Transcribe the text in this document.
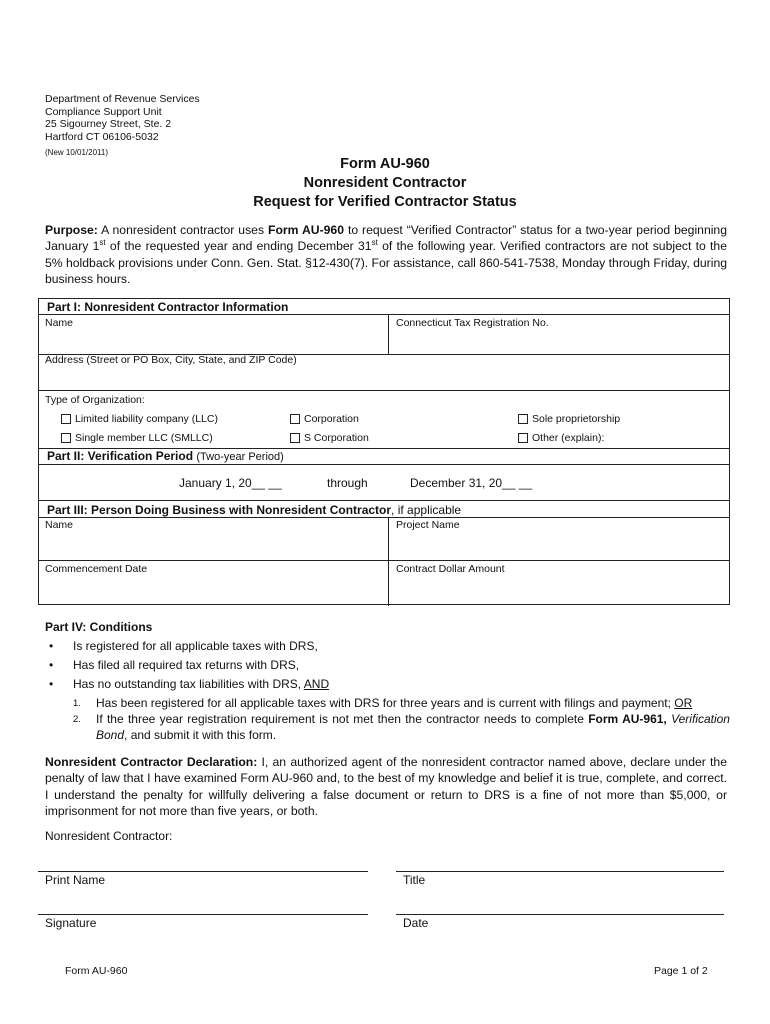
Department of Revenue Services
Compliance Support Unit
25 Sigourney Street, Ste. 2
Hartford CT 06106-5032
(New 10/01/2011)
Form AU-960
Nonresident Contractor
Request for Verified Contractor Status
Purpose: A nonresident contractor uses Form AU-960 to request “Verified Contractor” status for a two-year period beginning January 1st of the requested year and ending December 31st of the following year. Verified contractors are not subject to the 5% holdback provisions under Conn. Gen. Stat. §12-430(7). For assistance, call 860-541-7538, Monday through Friday, during business hours.
Part I: Nonresident Contractor Information
Name	Connecticut Tax Registration No.
Address (Street or PO Box, City, State, and ZIP Code)
Type of Organization:
Limited liability company (LLC)	Corporation	Sole proprietorship
Single member LLC (SMLLC)	S Corporation	Other (explain):
Part II: Verification Period (Two-year Period)
January 1, 20__ __	through	December 31, 20__ __
Part III: Person Doing Business with Nonresident Contractor, if applicable
Name	Project Name
Commencement Date	Contract Dollar Amount
Part IV: Conditions
• Is registered for all applicable taxes with DRS,
• Has filed all required tax returns with DRS,
• Has no outstanding tax liabilities with DRS, AND
1. Has been registered for all applicable taxes with DRS for three years and is current with filings and payment; OR
2. If the three year registration requirement is not met then the contractor needs to complete Form AU-961, Verification Bond, and submit it with this form.
Nonresident Contractor Declaration: I, an authorized agent of the nonresident contractor named above, declare under the penalty of law that I have examined Form AU-960 and, to the best of my knowledge and belief it is true, complete, and correct. I understand the penalty for willfully delivering a false document or return to DRS is a fine of not more than $5,000, or imprisonment for not more than five years, or both.
Nonresident Contractor:
Print Name	Title
Signature	Date
Form AU-960	Page 1 of 2
